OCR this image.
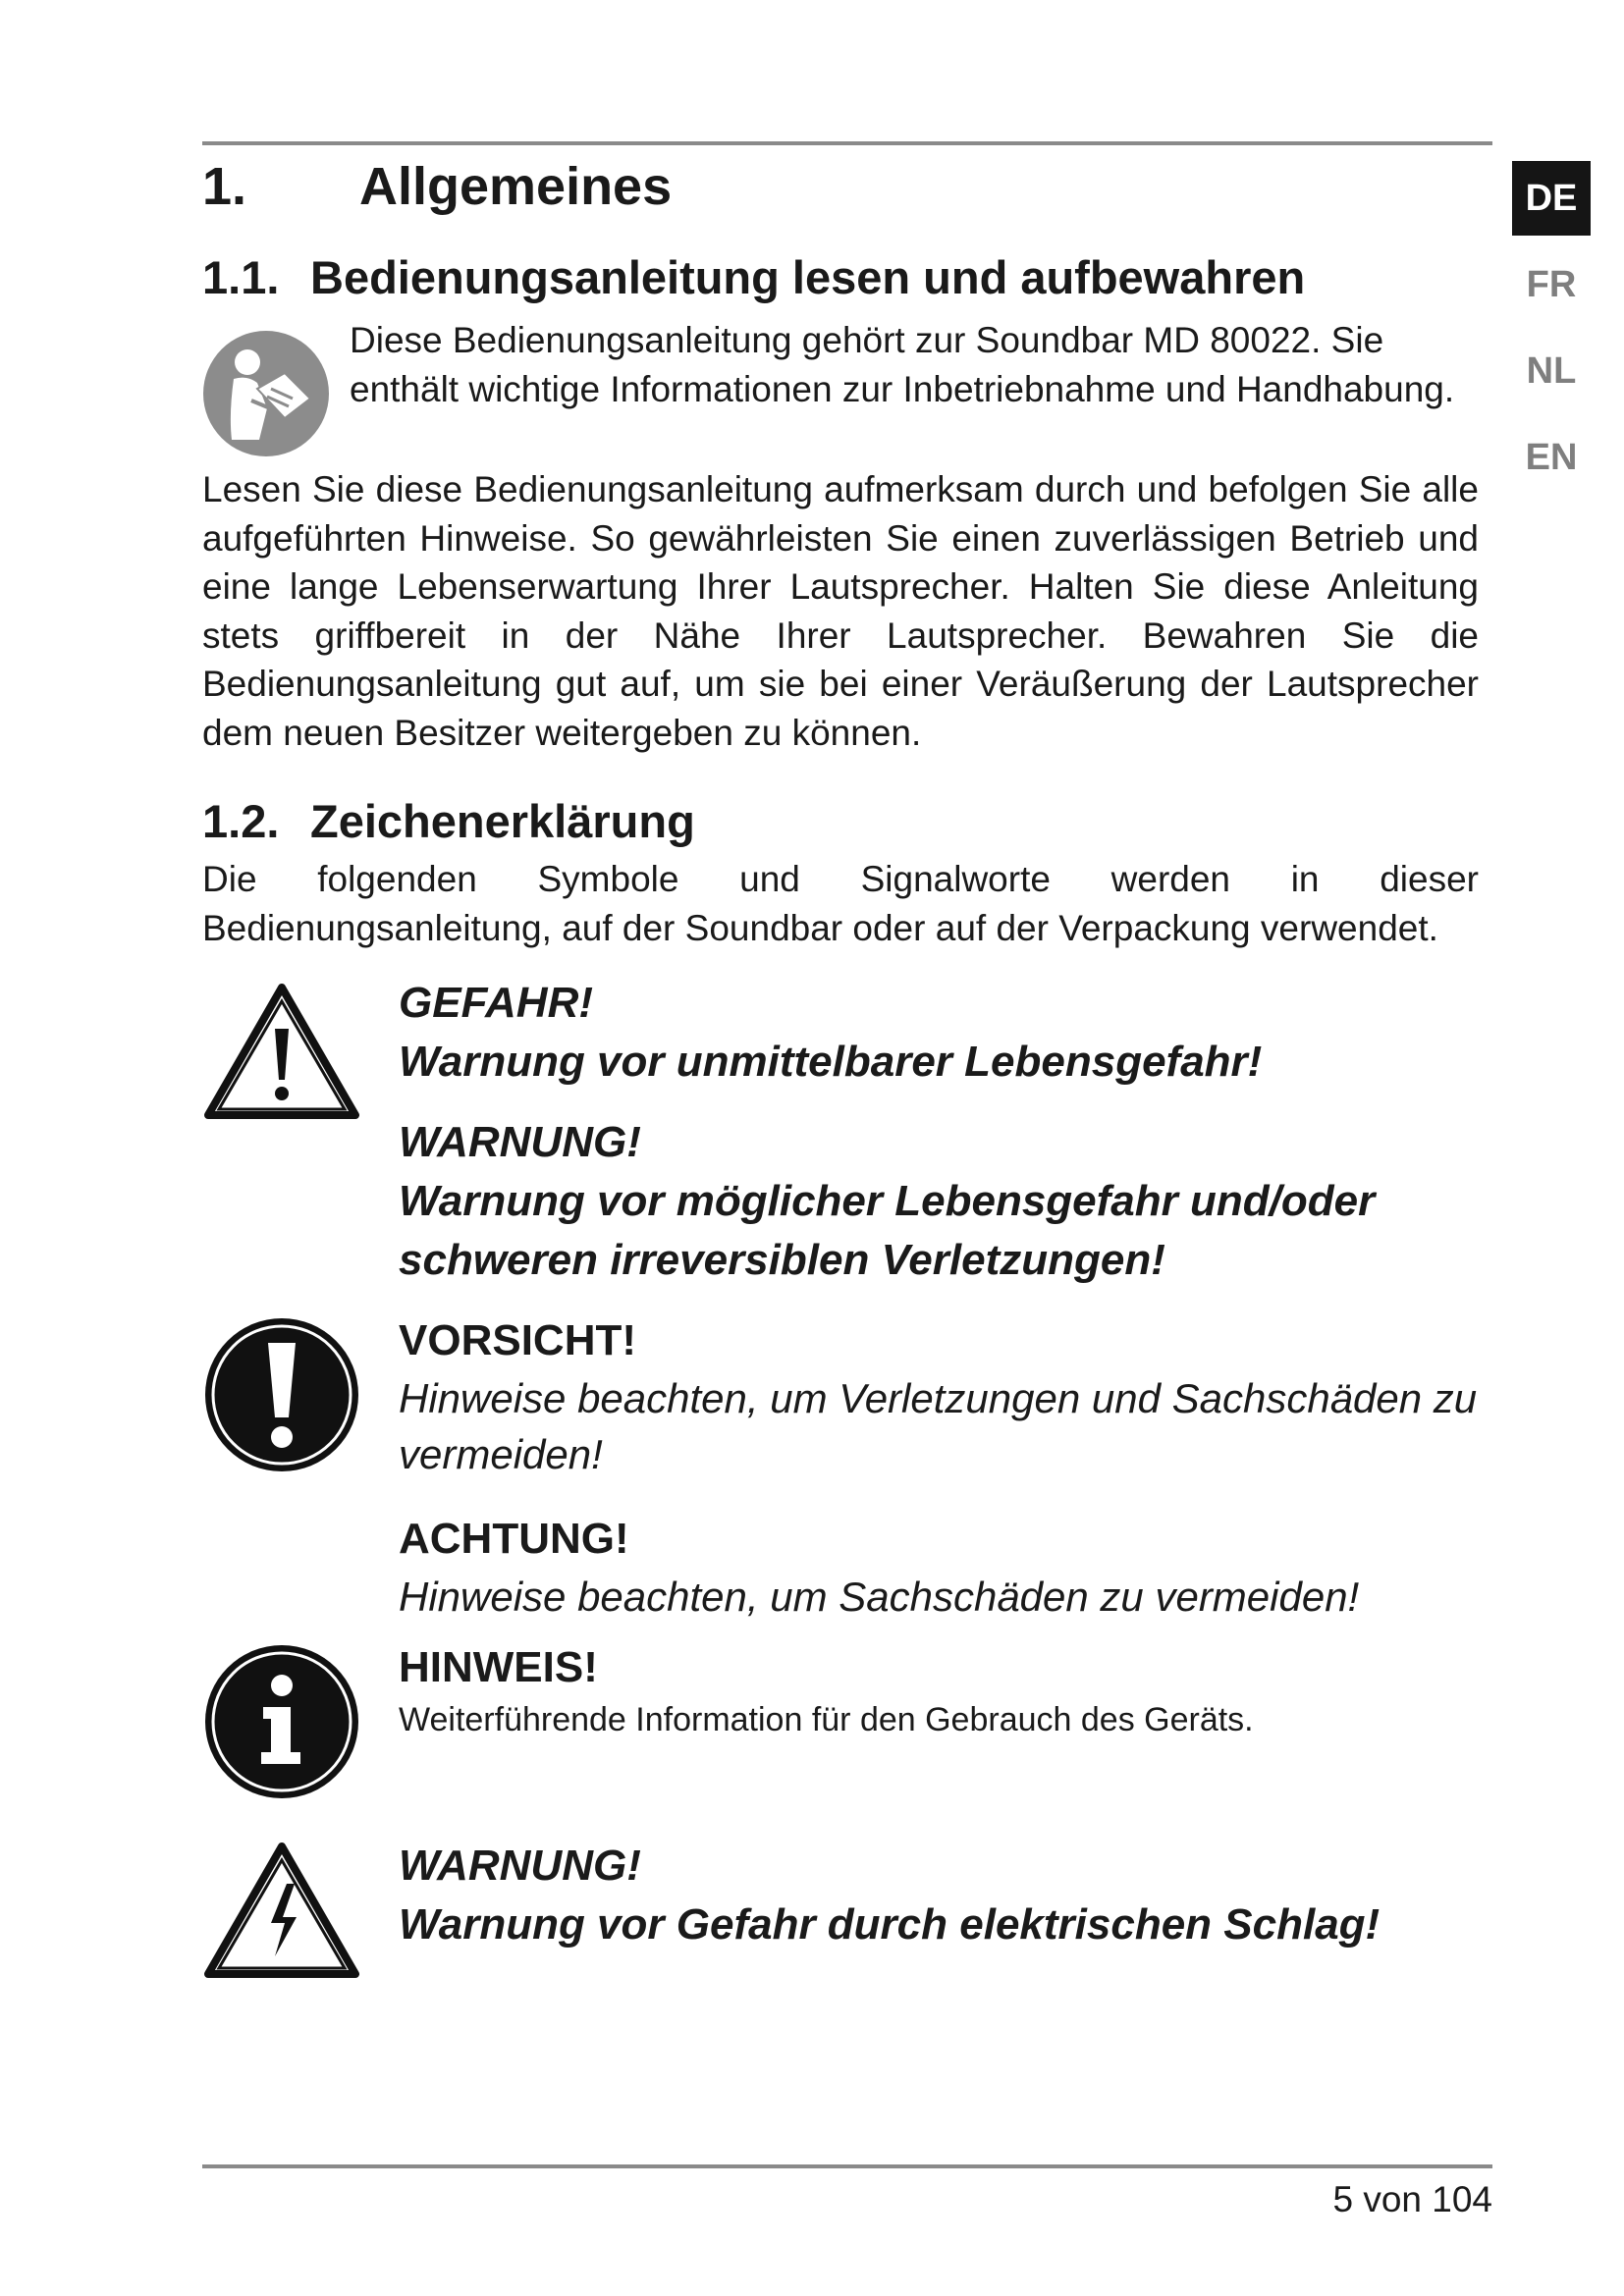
DE
FR
NL
EN
1.	Allgemeines
1.1. Bedienungsanleitung lesen und aufbewahren

Diese Bedienungsanleitung gehört zur Soundbar MD 80022. Sie enthält wichtige Informationen zur Inbetriebnahme und Handhabung.

Lesen Sie diese Bedienungsanleitung aufmerksam durch und befolgen Sie alle aufgeführten Hinweise. So gewährleisten Sie einen zuverlässigen Betrieb und eine lange Lebenserwartung Ihrer Lautsprecher. Halten Sie diese Anleitung stets griffbereit in der Nähe Ihrer Lautsprecher. Bewahren Sie die Bedienungsanleitung gut auf, um sie bei einer Veräußerung der Lautsprecher dem neuen Besitzer weitergeben zu können.

1.2. Zeichenerklärung

Die folgenden Symbole und Signalworte werden in dieser Bedienungsanleitung, auf der Soundbar oder auf der Verpackung verwendet.

GEFAHR!
Warnung vor unmittelbarer Lebensgefahr!
WARNUNG!
Warnung vor möglicher Lebensgefahr und/oder schweren irreversiblen Verletzungen!
VORSICHT!
Hinweise beachten, um Verletzungen und Sachschäden zu vermeiden!
ACHTUNG!
Hinweise beachten, um Sachschäden zu vermeiden!
HINWEIS!
Weiterführende Information für den Gebrauch des Geräts.
WARNUNG!
Warnung vor Gefahr durch elektrischen Schlag!
5 von 104
